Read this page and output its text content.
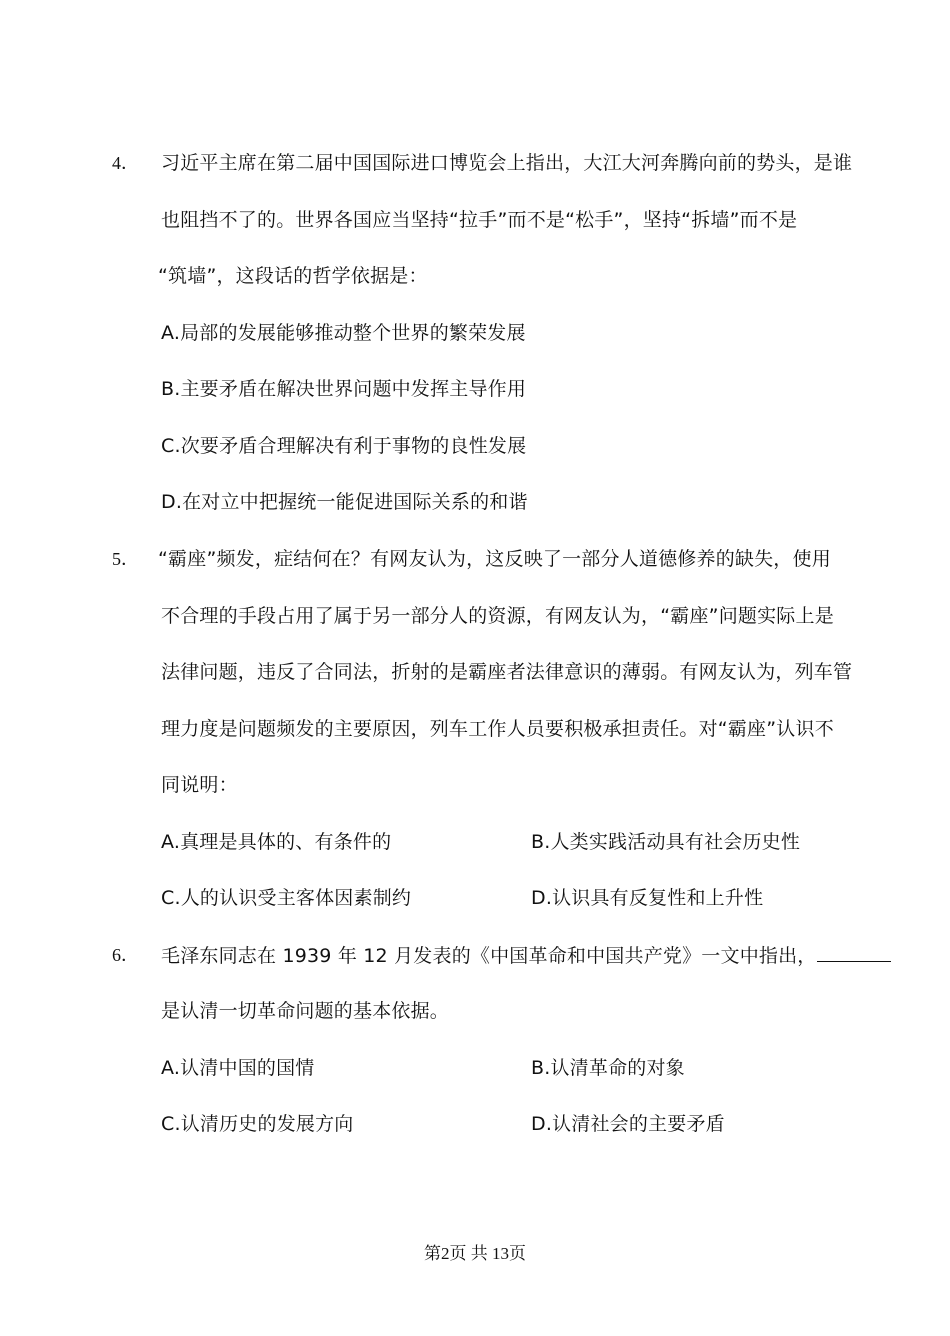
4． 习近平主席在第二届中国国际进口博览会上指出，大江大河奔腾向前的势头，是谁
也阻挡不了的。世界各国应当坚持“拉手”而不是“松手”，坚持“拆墙”而不是
“筑墙”，这段话的哲学依据是：
A.局部的发展能够推动整个世界的繁荣发展
B.主要矛盾在解决世界问题中发挥主导作用
C.次要矛盾合理解决有利于事物的良性发展
D.在对立中把握统一能促进国际关系的和谐
5． “霸座”频发，症结何在？有网友认为，这反映了一部分人道德修养的缺失，使用
不合理的手段占用了属于另一部分人的资源，有网友认为，“霸座”问题实际上是
法律问题，违反了合同法，折射的是霸座者法律意识的薄弱。有网友认为，列车管
理力度是问题频发的主要原因，列车工作人员要积极承担责任。对“霸座”认识不
同说明：
A.真理是具体的、有条件的	B.人类实践活动具有社会历史性
C.人的认识受主客体因素制约	D.认识具有反复性和上升性
6． 毛泽东同志在 1939 年 12 月发表的《中国革命和中国共产党》一文中指出，
是认清一切革命问题的基本依据。
A.认清中国的国情	B.认清革命的对象
C.认清历史的发展方向	D.认清社会的主要矛盾
第2页 共 13页
